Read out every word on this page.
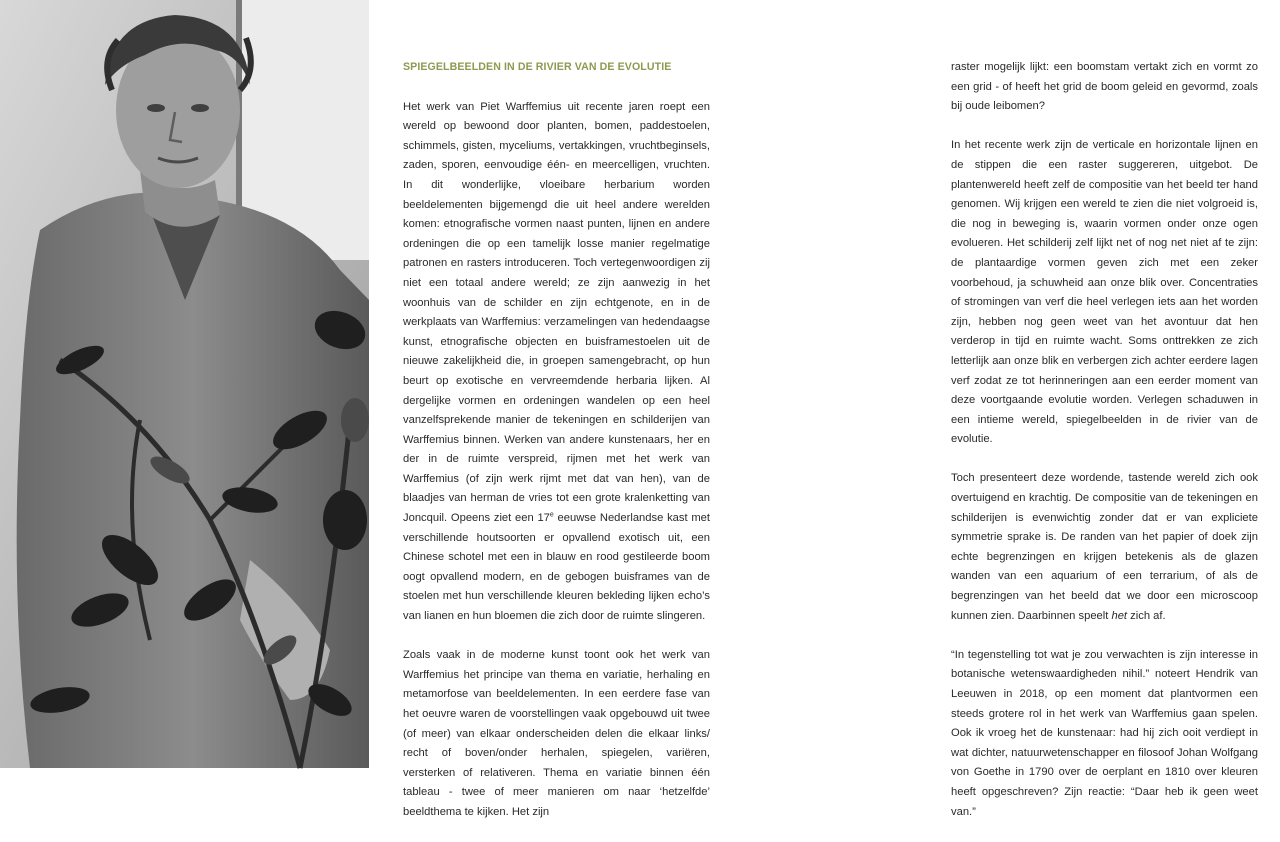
SPIEGELBEELDEN IN DE RIVIER VAN DE EVOLUTIE

Het werk van Piet Warffemius uit recente jaren roept een wereld op bewoond door planten, bomen, paddestoelen, schimmels, gisten, myceliums, vertakkingen, vruchtbeginsels, zaden, sporen, eenvoudige één- en meercelligen, vruchten. In dit wonderlijke, vloeibare herbarium worden beeldelementen bijgemengd die uit heel andere werelden komen: etnografische vormen naast punten, lijnen en andere ordeningen die op een tamelijk losse manier regelmatige patronen en rasters introduceren. Toch vertegenwoordigen zij niet een totaal andere wereld; ze zijn aanwezig in het woonhuis van de schilder en zijn echtgenote, en in de werkplaats van Warffemius: verzamelingen van hedendaagse kunst, etnografische objecten en buisframestoelen uit de nieuwe zakelijkheid die, in groepen samengebracht, op hun beurt op exotische en vervreemdende herbaria lijken. Al dergelijke vormen en ordeningen wandelen op een heel vanzelfsprekende manier de tekeningen en schilderijen van Warffemius binnen. Werken van andere kunstenaars, her en der in de ruimte verspreid, rijmen met het werk van Warffemius (of zijn werk rijmt met dat van hen), van de blaadjes van herman de vries tot een grote kralenketting van Joncquil. Opeens ziet een 17e eeuwse Nederlandse kast met verschillende houtsoorten er opvallend exotisch uit, een Chinese schotel met een in blauw en rood gestileerde boom oogt opvallend modern, en de gebogen buisframes van de stoelen met hun verschillende kleuren bekleding lijken echo’s van lianen en hun bloemen die zich door de ruimte slingeren.

Zoals vaak in de moderne kunst toont ook het werk van Warffemius het principe van thema en variatie, herhaling en metamorfose van beeldelementen. In een eerdere fase van het oeuvre waren de voorstellingen vaak opgebouwd uit twee (of meer) van elkaar onderscheiden delen die elkaar links/ recht of boven/onder herhalen, spiegelen, variëren, versterken of relativeren. Thema en variatie binnen één tableau - twee of meer manieren om naar ‘hetzelfde’ beeldthema te kijken. Het zijn

raster mogelijk lijkt: een boomstam vertakt zich en vormt zo een grid - of heeft het grid de boom geleid en gevormd, zoals bij oude leibomen?

In het recente werk zijn de verticale en horizontale lijnen en de stippen die een raster suggereren, uitgebot. De plantenwereld heeft zelf de compositie van het beeld ter hand genomen. Wij krijgen een wereld te zien die niet volgroeid is, die nog in beweging is, waarin vormen onder onze ogen evolueren. Het schilderij zelf lijkt net of nog net niet af te zijn: de plantaardige vormen geven zich met een zeker voorbehoud, ja schuwheid aan onze blik over. Concentraties of stromingen van verf die heel verlegen iets aan het worden zijn, hebben nog geen weet van het avontuur dat hen verderop in tijd en ruimte wacht. Soms onttrekken ze zich letterlijk aan onze blik en verbergen zich achter eerdere lagen verf zodat ze tot herinneringen aan een eerder moment van deze voortgaande evolutie worden. Verlegen schaduwen in een intieme wereld, spiegelbeelden in de rivier van de evolutie.

Toch presenteert deze wordende, tastende wereld zich ook overtuigend en krachtig. De compositie van de tekeningen en schilderijen is evenwichtig zonder dat er van expliciete symmetrie sprake is. De randen van het papier of doek zijn echte begrenzingen en krijgen betekenis als de glazen wanden van een aquarium of een terrarium, of als de begrenzingen van het beeld dat we door een microscoop kunnen zien. Daarbinnen speelt het zich af.

“In tegenstelling tot wat je zou verwachten is zijn interesse in botanische wetenswaardigheden nihil.” noteert Hendrik van Leeuwen in 2018, op een moment dat plantvormen een steeds grotere rol in het werk van Warffemius gaan spelen. Ook ik vroeg het de kunstenaar: had hij zich ooit verdiept in wat dichter, natuurwetenschapper en filosoof Johan Wolfgang von Goethe in 1790 over de oerplant en 1810 over kleuren heeft opgeschreven? Zijn reactie: “Daar heb ik geen weet van.”
